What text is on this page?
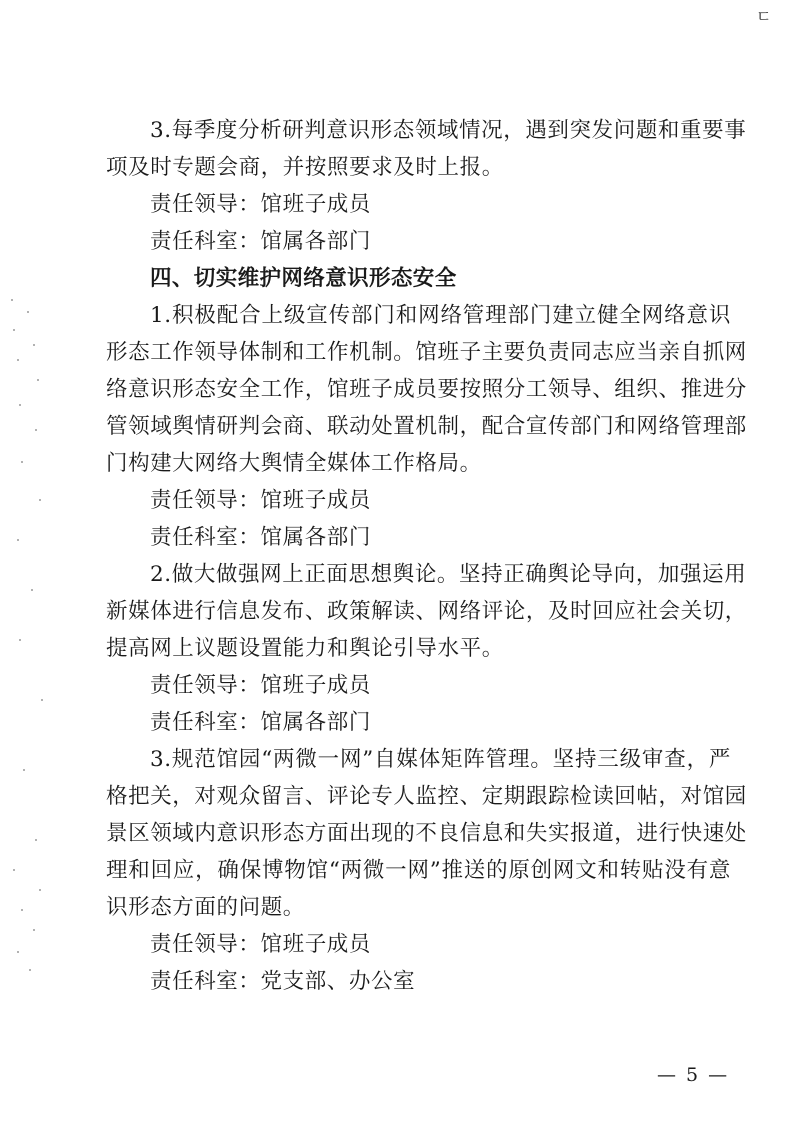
ㄷ
3.每季度分析研判意识形态领域情况，遇到突发问题和重要事
项及时专题会商，并按照要求及时上报。
责任领导：馆班子成员
责任科室：馆属各部门
四、切实维护网络意识形态安全
1.积极配合上级宣传部门和网络管理部门建立健全网络意识
形态工作领导体制和工作机制。馆班子主要负责同志应当亲自抓网
络意识形态安全工作，馆班子成员要按照分工领导、组织、推进分
管领域舆情研判会商、联动处置机制，配合宣传部门和网络管理部
门构建大网络大舆情全媒体工作格局。
责任领导：馆班子成员
责任科室：馆属各部门
2.做大做强网上正面思想舆论。坚持正确舆论导向，加强运用
新媒体进行信息发布、政策解读、网络评论，及时回应社会关切，
提高网上议题设置能力和舆论引导水平。
责任领导：馆班子成员
责任科室：馆属各部门
3.规范馆园“两微一网”自媒体矩阵管理。坚持三级审查，严
格把关，对观众留言、评论专人监控、定期跟踪检读回帖，对馆园
景区领域内意识形态方面出现的不良信息和失实报道，进行快速处
理和回应，确保博物馆“两微一网”推送的原创网文和转贴没有意
识形态方面的问题。
责任领导：馆班子成员
责任科室：党支部、办公室
— 5 —
